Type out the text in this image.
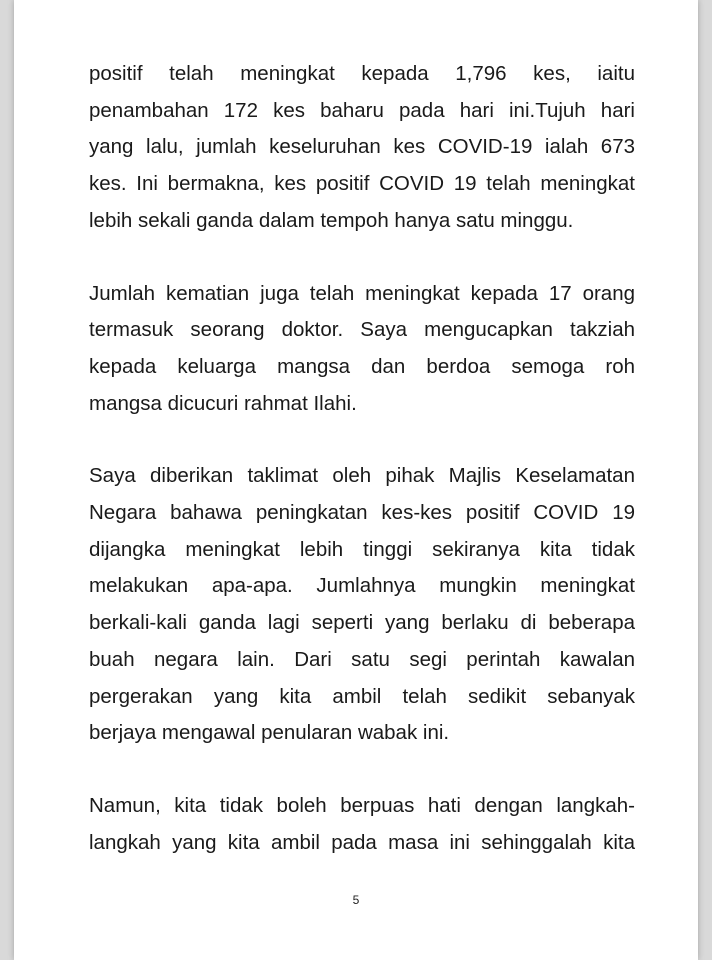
positif telah meningkat kepada 1,796 kes, iaitu
penambahan 172 kes baharu pada hari ini.Tujuh hari
yang lalu, jumlah keseluruhan kes COVID-19 ialah 673
kes. Ini bermakna, kes positif COVID 19 telah meningkat
lebih sekali ganda dalam tempoh hanya satu minggu.

Jumlah kematian juga telah meningkat kepada 17 orang
termasuk seorang doktor. Saya mengucapkan takziah
kepada keluarga mangsa dan berdoa semoga roh
mangsa dicucuri rahmat Ilahi.

Saya diberikan taklimat oleh pihak Majlis Keselamatan
Negara bahawa peningkatan kes-kes positif COVID 19
dijangka meningkat lebih tinggi sekiranya kita tidak
melakukan apa-apa. Jumlahnya mungkin meningkat
berkali-kali ganda lagi seperti yang berlaku di beberapa
buah negara lain. Dari satu segi perintah kawalan
pergerakan yang kita ambil telah sedikit sebanyak
berjaya mengawal penularan wabak ini.

Namun, kita tidak boleh berpuas hati dengan langkah-
langkah yang kita ambil pada masa ini sehinggalah kita

5
